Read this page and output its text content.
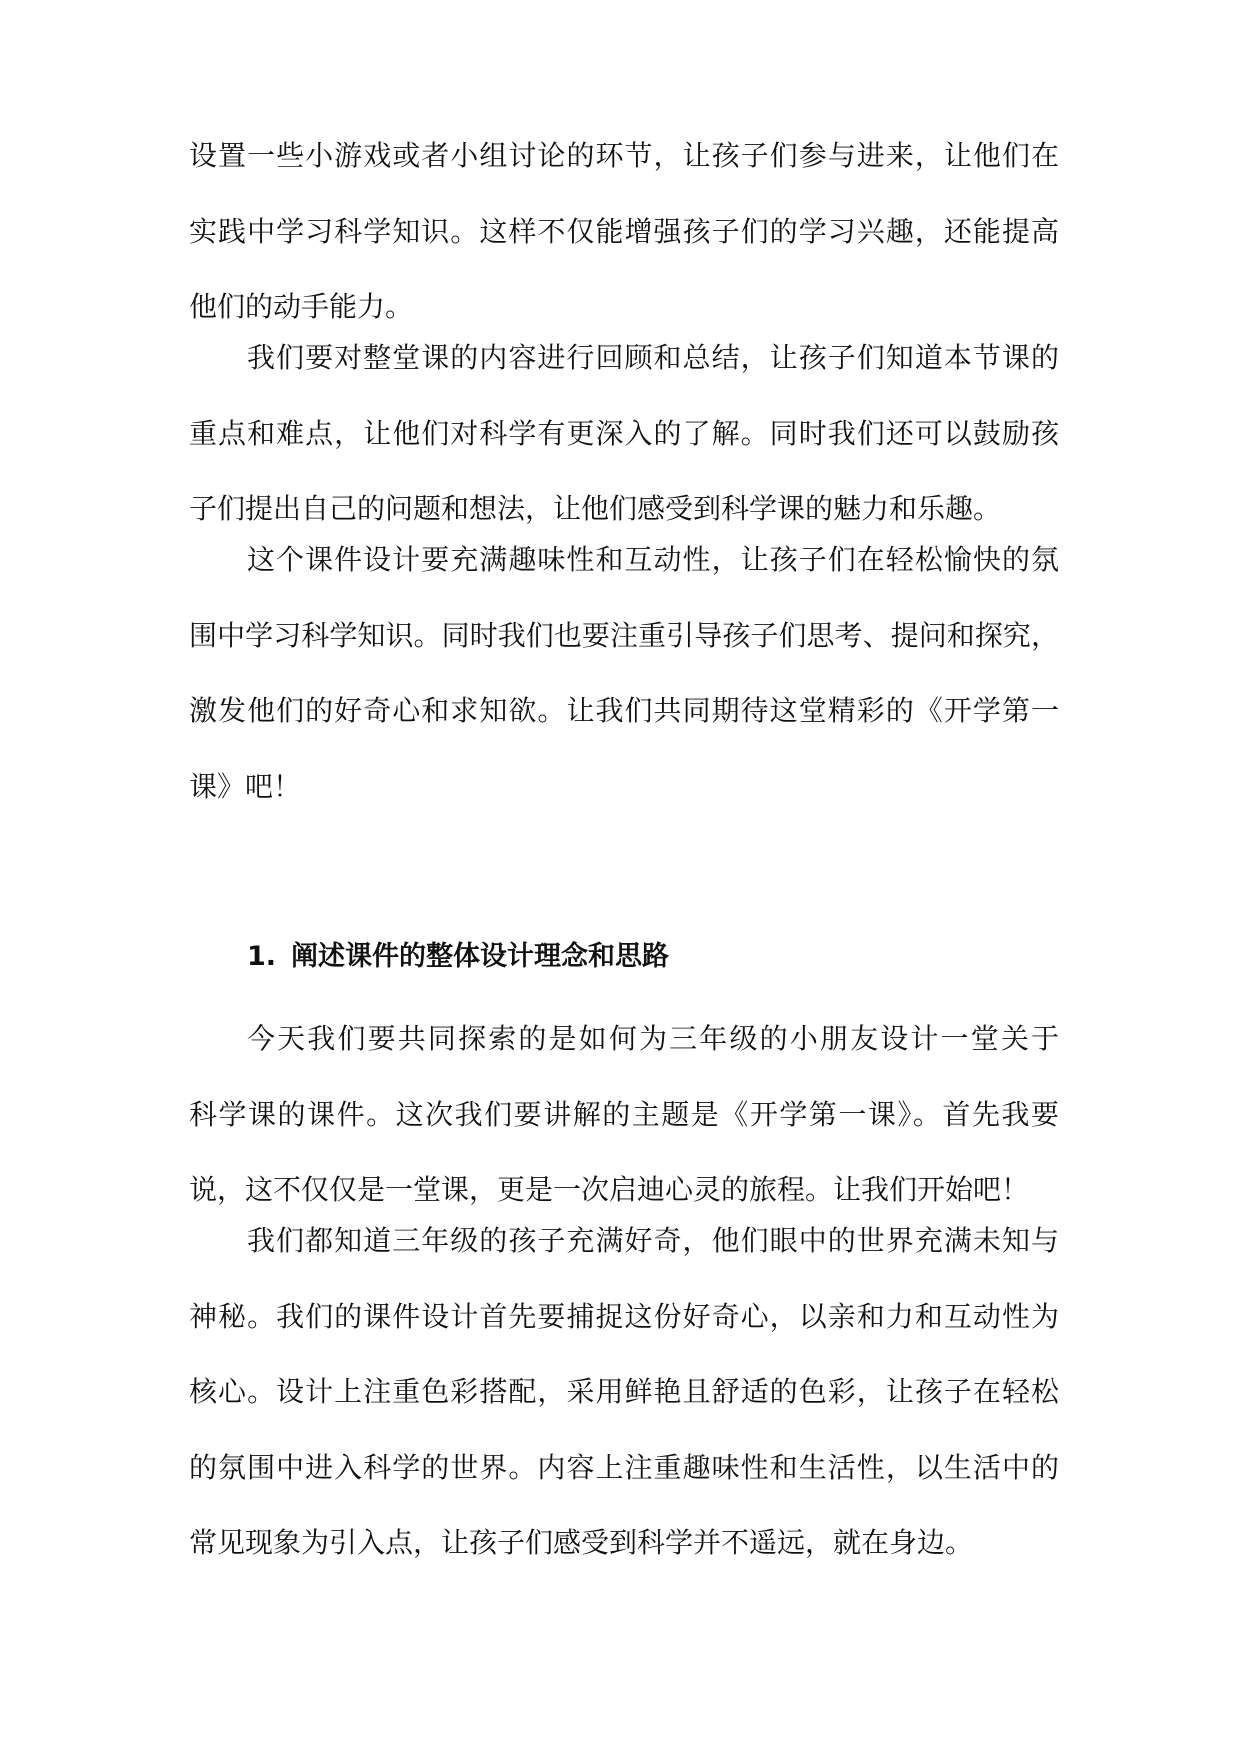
设置一些小游戏或者小组讨论的环节，让孩子们参与进来，让他们在
实践中学习科学知识。这样不仅能增强孩子们的学习兴趣，还能提高
他们的动手能力。

我们要对整堂课的内容进行回顾和总结，让孩子们知道本节课的
重点和难点，让他们对科学有更深入的了解。同时我们还可以鼓励孩
子们提出自己的问题和想法，让他们感受到科学课的魅力和乐趣。

这个课件设计要充满趣味性和互动性，让孩子们在轻松愉快的氛
围中学习科学知识。同时我们也要注重引导孩子们思考、提问和探究，
激发他们的好奇心和求知欲。让我们共同期待这堂精彩的《开学第一
课》吧！

1. 阐述课件的整体设计理念和思路

今天我们要共同探索的是如何为三年级的小朋友设计一堂关于
科学课的课件。这次我们要讲解的主题是《开学第一课》。首先我要
说，这不仅仅是一堂课，更是一次启迪心灵的旅程。让我们开始吧！

我们都知道三年级的孩子充满好奇，他们眼中的世界充满未知与
神秘。我们的课件设计首先要捕捉这份好奇心，以亲和力和互动性为
核心。设计上注重色彩搭配，采用鲜艳且舒适的色彩，让孩子在轻松
的氛围中进入科学的世界。内容上注重趣味性和生活性，以生活中的
常见现象为引入点，让孩子们感受到科学并不遥远，就在身边。
